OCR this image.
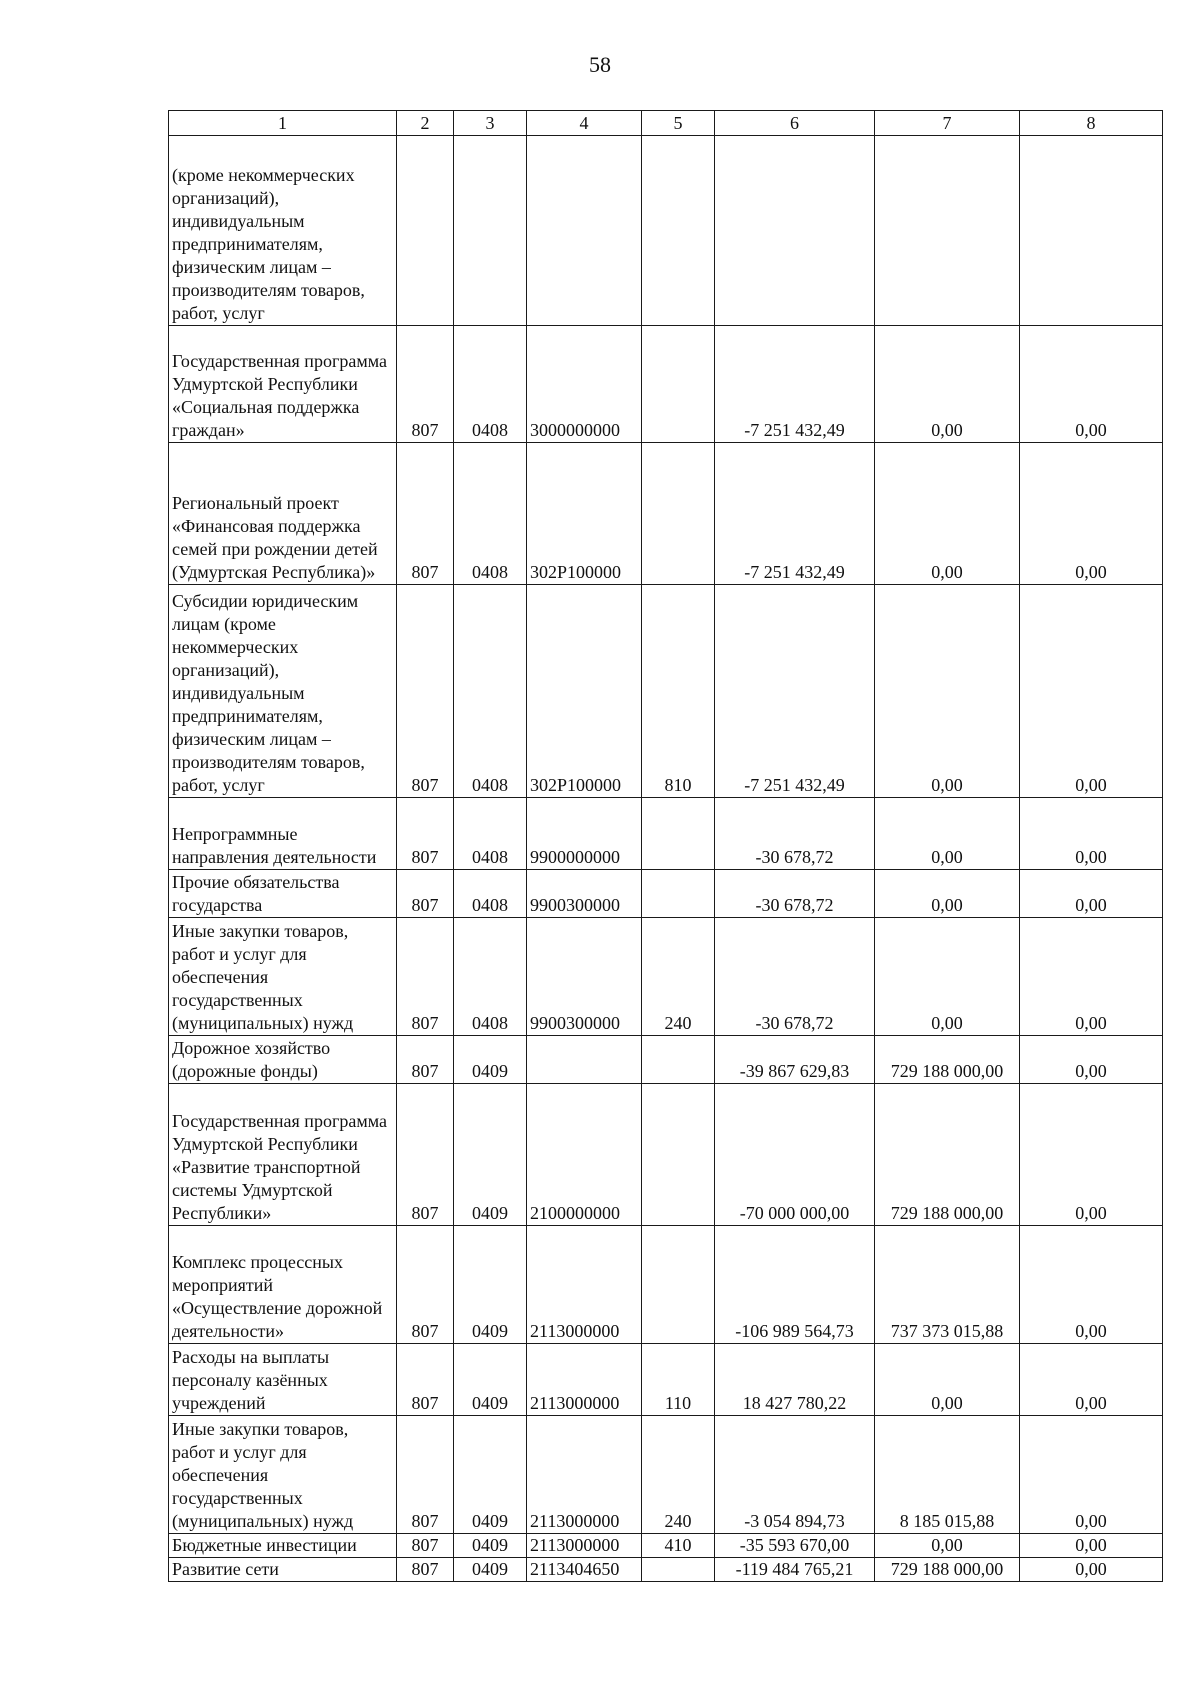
58
1	2	3	4	5	6	7	8
(кроме некоммерческих организаций), индивидуальным предпринимателям, физическим лицам – производителям товаров, работ, услуг							
Государственная программа Удмуртской Республики «Социальная поддержка граждан»	807	0408	3000000000		-7 251 432,49	0,00	0,00
Региональный проект «Финансовая поддержка семей при рождении детей (Удмуртская Республика)»	807	0408	302P100000		-7 251 432,49	0,00	0,00
Субсидии юридическим лицам (кроме некоммерческих организаций), индивидуальным предпринимателям, физическим лицам – производителям товаров, работ, услуг	807	0408	302P100000	810	-7 251 432,49	0,00	0,00
Непрограммные направления деятельности	807	0408	9900000000		-30 678,72	0,00	0,00
Прочие обязательства государства	807	0408	9900300000		-30 678,72	0,00	0,00
Иные закупки товаров, работ и услуг для обеспечения государственных (муниципальных) нужд	807	0408	9900300000	240	-30 678,72	0,00	0,00
Дорожное хозяйство (дорожные фонды)	807	0409			-39 867 629,83	729 188 000,00	0,00
Государственная программа Удмуртской Республики «Развитие транспортной системы Удмуртской Республики»	807	0409	2100000000		-70 000 000,00	729 188 000,00	0,00
Комплекс процессных мероприятий «Осуществление дорожной деятельности»	807	0409	2113000000		-106 989 564,73	737 373 015,88	0,00
Расходы на выплаты персоналу казённых учреждений	807	0409	2113000000	110	18 427 780,22	0,00	0,00
Иные закупки товаров, работ и услуг для обеспечения государственных (муниципальных) нужд	807	0409	2113000000	240	-3 054 894,73	8 185 015,88	0,00
Бюджетные инвестиции	807	0409	2113000000	410	-35 593 670,00	0,00	0,00
Развитие сети	807	0409	2113404650		-119 484 765,21	729 188 000,00	0,00
